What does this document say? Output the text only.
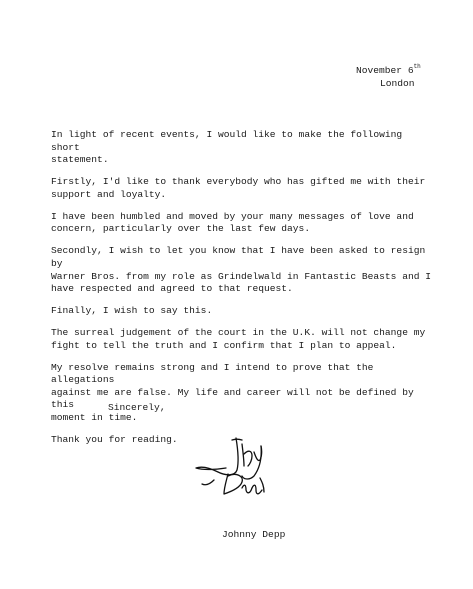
November 6th
London

In light of recent events, I would like to make the following short
statement.

Firstly, I'd like to thank everybody who has gifted me with their
support and loyalty.

I have been humbled and moved by your many messages of love and
concern, particularly over the last few days.

Secondly, I wish to let you know that I have been asked to resign by
Warner Bros. from my role as Grindelwald in Fantastic Beasts and I
have respected and agreed to that request.

Finally, I wish to say this.

The surreal judgement of the court in the U.K. will not change my
fight to tell the truth and I confirm that I plan to appeal.

My resolve remains strong and I intend to prove that the allegations
against me are false. My life and career will not be defined by this
moment in time.

Thank you for reading.

Sincerely,
Johnny Depp
